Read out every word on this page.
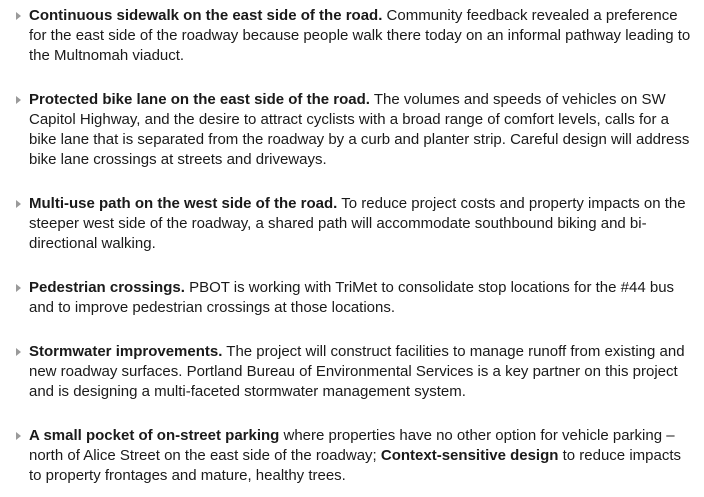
Continuous sidewalk on the east side of the road. Community feedback revealed a preference for the east side of the roadway because people walk there today on an informal pathway leading to the Multnomah viaduct.
Protected bike lane on the east side of the road. The volumes and speeds of vehicles on SW Capitol Highway, and the desire to attract cyclists with a broad range of comfort levels, calls for a bike lane that is separated from the roadway by a curb and planter strip. Careful design will address bike lane crossings at streets and driveways.
Multi-use path on the west side of the road. To reduce project costs and property impacts on the steeper west side of the roadway, a shared path will accommodate southbound biking and bi-directional walking.
Pedestrian crossings. PBOT is working with TriMet to consolidate stop locations for the #44 bus and to improve pedestrian crossings at those locations.
Stormwater improvements. The project will construct facilities to manage runoff from existing and new roadway surfaces. Portland Bureau of Environmental Services is a key partner on this project and is designing a multi-faceted stormwater management system.
A small pocket of on-street parking where properties have no other option for vehicle parking –north of Alice Street on the east side of the roadway; Context-sensitive design to reduce impacts to property frontages and mature, healthy trees.
